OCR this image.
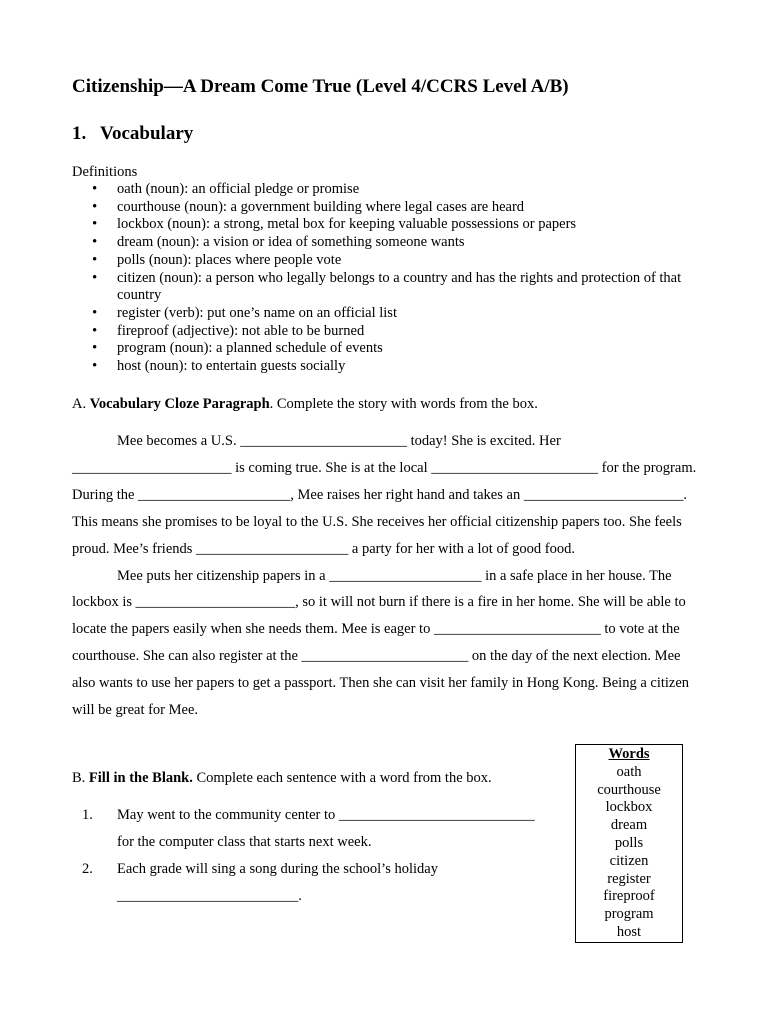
Citizenship—A Dream Come True (Level 4/CCRS Level A/B)
1. Vocabulary
Definitions
• oath (noun): an official pledge or promise
• courthouse (noun): a government building where legal cases are heard
• lockbox (noun): a strong, metal box for keeping valuable possessions or papers
• dream (noun): a vision or idea of something someone wants
• polls (noun): places where people vote
• citizen (noun): a person who legally belongs to a country and has the rights and protection of that country
• register (verb): put one’s name on an official list
• fireproof (adjective): not able to be burned
• program (noun): a planned schedule of events
• host (noun): to entertain guests socially
A. Vocabulary Cloze Paragraph. Complete the story with words from the box.

Mee becomes a U.S. _______________________ today! She is excited. Her ______________________ is coming true. She is at the local _______________________ for the program. During the _____________________, Mee raises her right hand and takes an ______________________. This means she promises to be loyal to the U.S. She receives her official citizenship papers too. She feels proud. Mee’s friends _____________________ a party for her with a lot of good food.

Mee puts her citizenship papers in a _____________________ in a safe place in her house. The lockbox is ______________________, so it will not burn if there is a fire in her home. She will be able to locate the papers easily when she needs them. Mee is eager to _______________________ to vote at the courthouse. She can also register at the _______________________ on the day of the next election. Mee also wants to use her papers to get a passport. Then she can visit her family in Hong Kong. Being a citizen will be great for Mee.

B. Fill in the Blank. Complete each sentence with a word from the box.
1. May went to the community center to ___________________________ for the computer class that starts next week.
2. Each grade will sing a song during the school’s holiday _________________________.
Words
oath
courthouse
lockbox
dream
polls
citizen
register
fireproof
program
host
